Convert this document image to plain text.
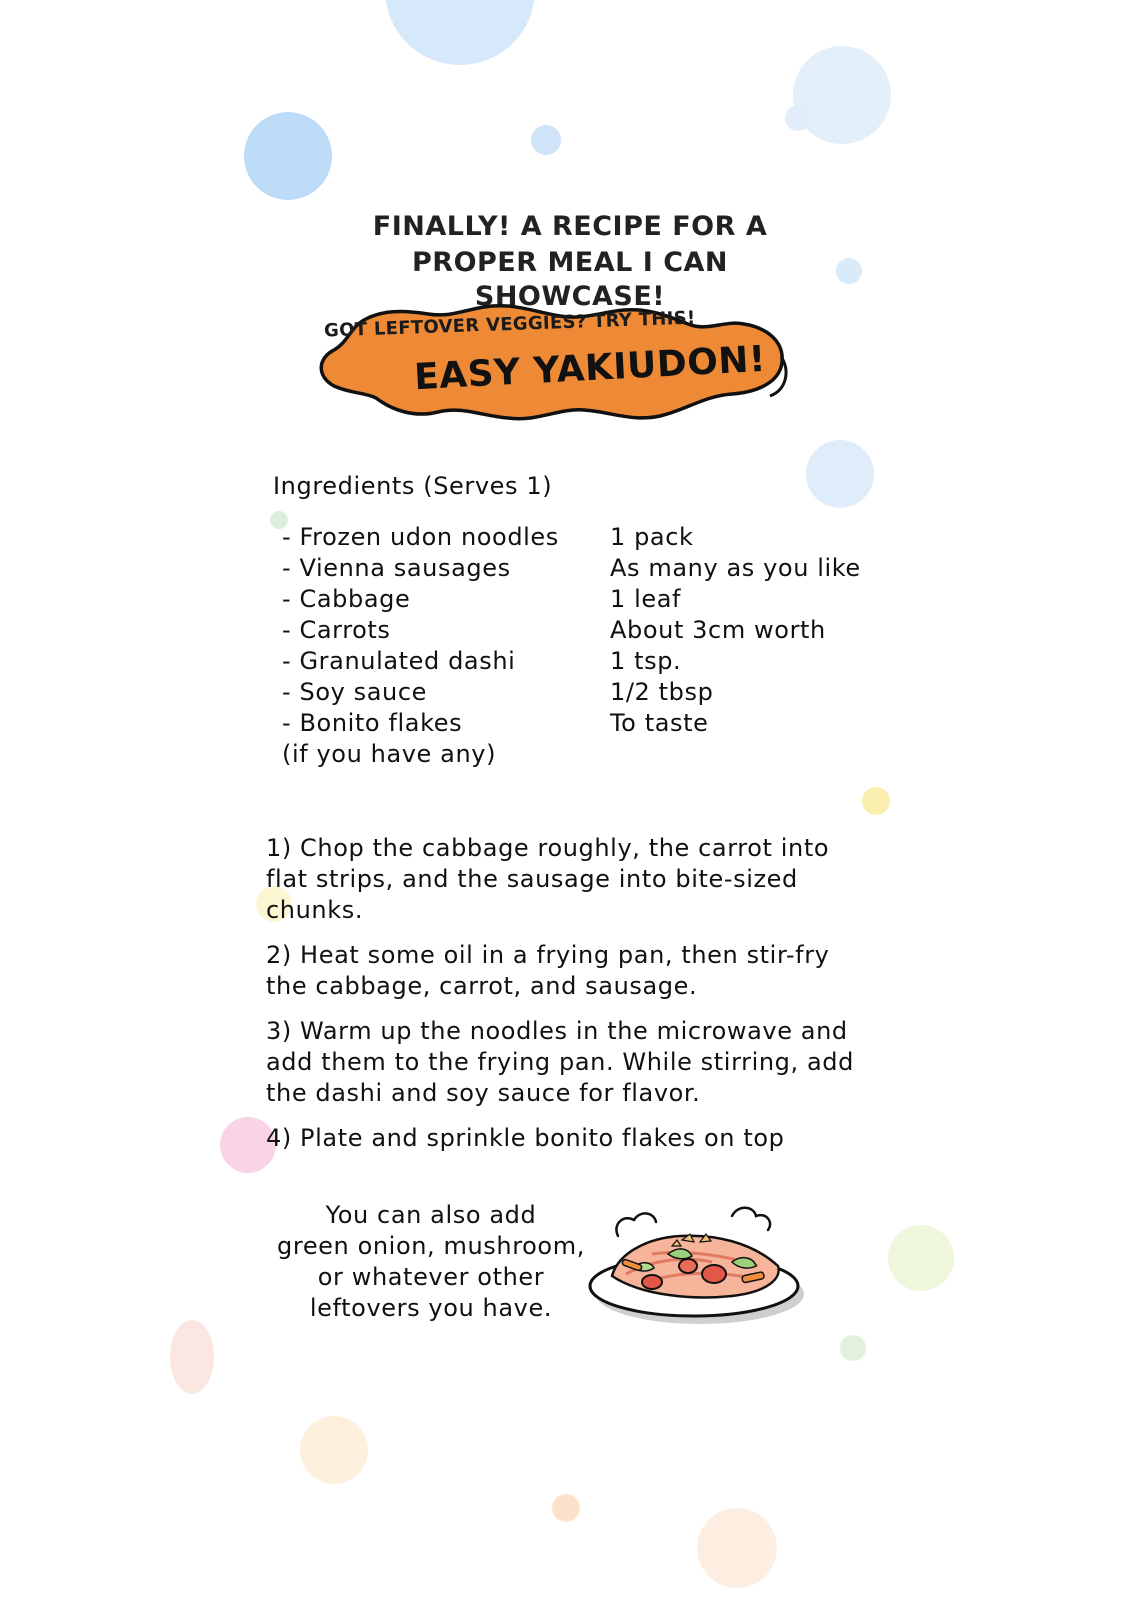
FINALLY! A RECIPE FOR A
PROPER MEAL I CAN SHOWCASE!
GOT LEFTOVER VEGGIES? TRY THIS!
EASY YAKIUDON!
Ingredients (Serves 1)
- Frozen udon noodles	1 pack
- Vienna sausages	As many as you like
- Cabbage	1 leaf
- Carrots	About 3cm worth
- Granulated dashi	1 tsp.
- Soy sauce	1/2 tbsp
- Bonito flakes	To taste
(if you have any)
1) Chop the cabbage roughly, the carrot into flat strips, and the sausage into bite-sized chunks.
2) Heat some oil in a frying pan, then stir-fry the cabbage, carrot, and sausage.
3) Warm up the noodles in the microwave and add them to the frying pan. While stirring, add the dashi and soy sauce for flavor.
4) Plate and sprinkle bonito flakes on top
You can also add
green onion, mushroom,
or whatever other
leftovers you have.
